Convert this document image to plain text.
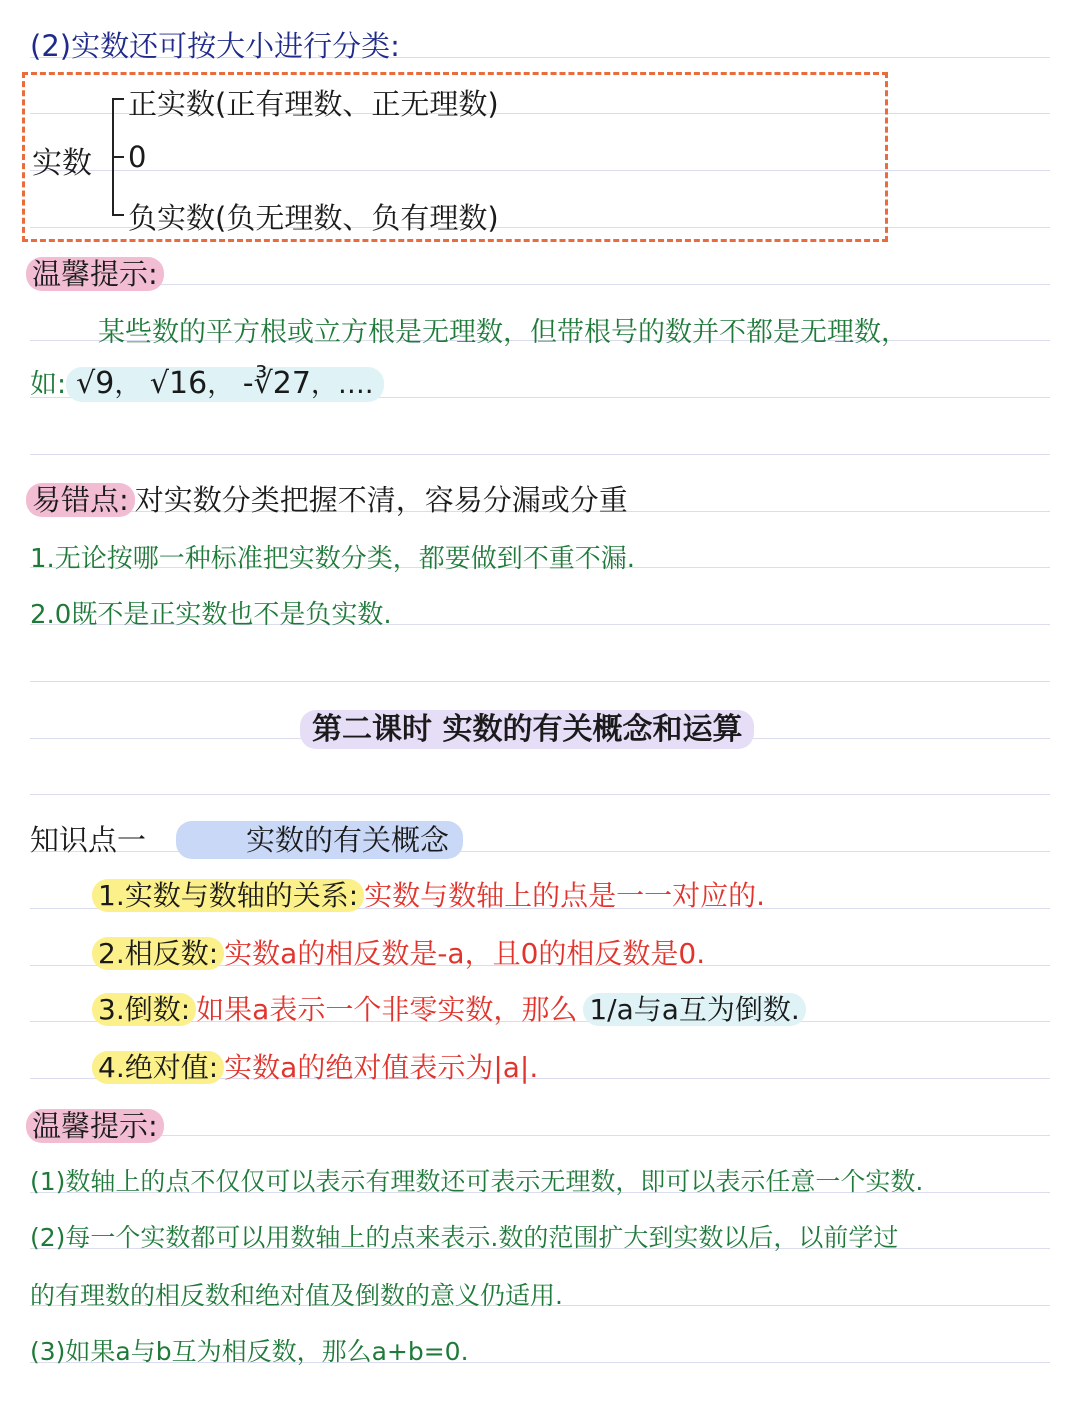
(2)实数还可按大小进行分类:
实数
正实数(正有理数、正无理数)
0
负实数(负无理数、负有理数)
温馨提示:
某些数的平方根或立方根是无理数，但带根号的数并不都是无理数，
如: √9， √16， -∛27，….
易错点: 对实数分类把握不清，容易分漏或分重
1.无论按哪一种标准把实数分类，都要做到不重不漏.
2.0既不是正实数也不是负实数.
第二课时 实数的有关概念和运算
知识点一	实数的有关概念
1.实数与数轴的关系: 实数与数轴上的点是一一对应的.
2.相反数: 实数a的相反数是-a，且0的相反数是0.
3.倒数: 如果a表示一个非零实数，那么 1/a与a互为倒数.
4.绝对值: 实数a的绝对值表示为|a|.
温馨提示:
(1)数轴上的点不仅仅可以表示有理数还可表示无理数，即可以表示任意一个实数.
(2)每一个实数都可以用数轴上的点来表示.数的范围扩大到实数以后，以前学过
的有理数的相反数和绝对值及倒数的意义仍适用.
(3)如果a与b互为相反数，那么a+b=0.
